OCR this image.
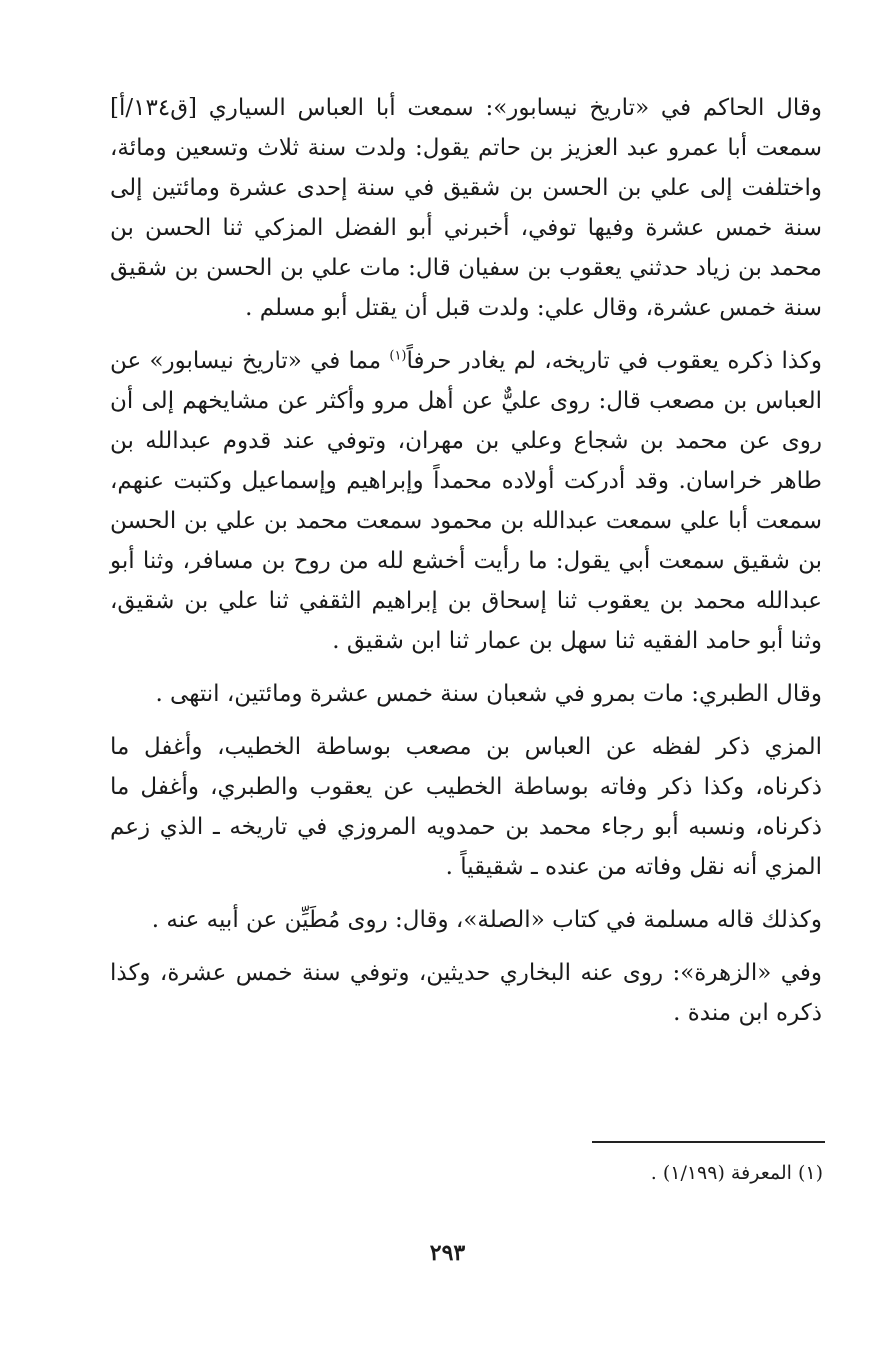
وقال الحاكم في «تاريخ نيسابور»: سمعت أبا العباس السياري [ق١٣٤/أ] سمعت أبا عمرو عبد العزيز بن حاتم يقول: ولدت سنة ثلاث وتسعين ومائة، واختلفت إلى علي بن الحسن بن شقيق في سنة إحدى عشرة ومائتين إلى سنة خمس عشرة وفيها توفي، أخبرني أبو الفضل المزكي ثنا الحسن بن محمد بن زياد حدثني يعقوب بن سفيان قال: مات علي بن الحسن بن شقيق سنة خمس عشرة، وقال علي: ولدت قبل أن يقتل أبو مسلم .

وكذا ذكره يعقوب في تاريخه، لم يغادر حرفاً$^{(١)}$ مما في «تاريخ نيسابور» عن العباس بن مصعب قال: روى عليٌّ عن أهل مرو وأكثر عن مشايخهم إلى أن روى عن محمد بن شجاع وعلي بن مهران، وتوفي عند قدوم عبدالله بن طاهر خراسان. وقد أدركت أولاده محمداً وإبراهيم وإسماعيل وكتبت عنهم، سمعت أبا علي سمعت عبدالله بن محمود سمعت محمد بن علي بن الحسن بن شقيق سمعت أبي يقول: ما رأيت أخشع لله من روح بن مسافر، وثنا أبو عبدالله محمد بن يعقوب ثنا إسحاق بن إبراهيم الثقفي ثنا علي بن شقيق، وثنا أبو حامد الفقيه ثنا سهل بن عمار ثنا ابن شقيق .

وقال الطبري: مات بمرو في شعبان سنة خمس عشرة ومائتين، انتهى .

المزي ذكر لفظه عن العباس بن مصعب بوساطة الخطيب، وأغفل ما ذكرناه، وكذا ذكر وفاته بوساطة الخطيب عن يعقوب والطبري، وأغفل ما ذكرناه، ونسبه أبو رجاء محمد بن حمدويه المروزي في تاريخه ـ الذي زعم المزي أنه نقل وفاته من عنده ـ شقيقياً .

وكذلك قاله مسلمة في كتاب «الصلة»، وقال: روى مُطَيِّن عن أبيه عنه .

وفي «الزهرة»: روى عنه البخاري حديثين، وتوفي سنة خمس عشرة، وكذا ذكره ابن مندة .

(١) المعرفة (١/١٩٩) .
٢٩٣
